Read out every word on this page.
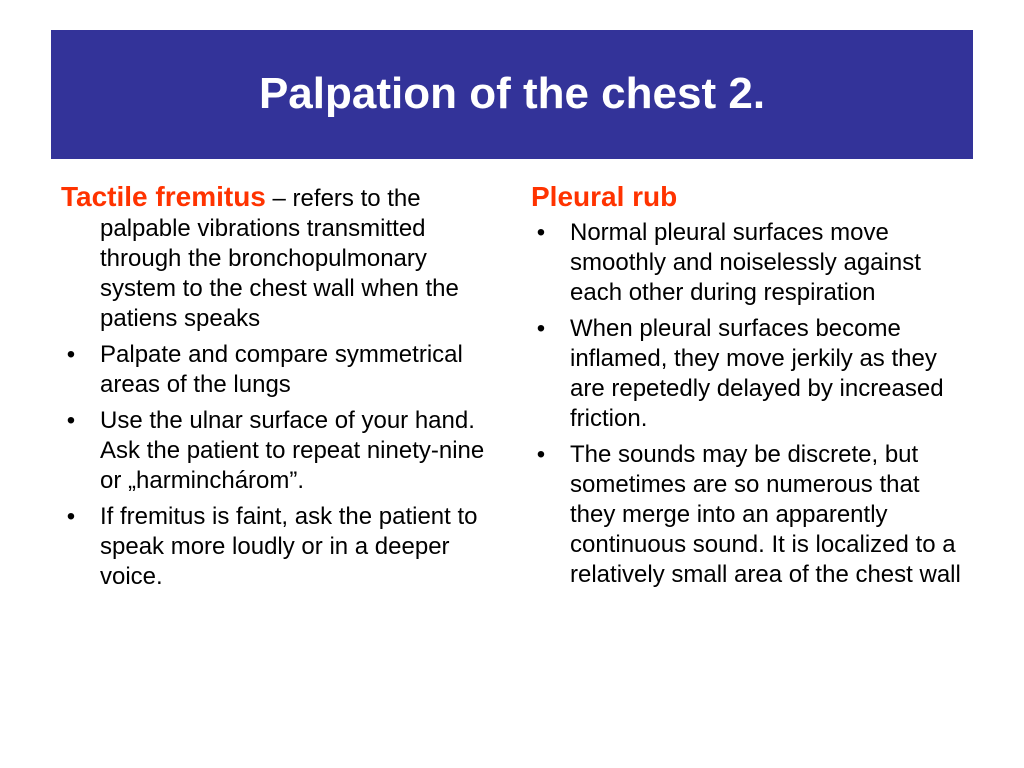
Palpation of the chest 2.

Tactile fremitus – refers to the palpable vibrations transmitted through the bronchopulmonary system to the chest wall when the patiens speaks

• Palpate and compare symmetrical areas of the lungs
• Use the ulnar surface of your hand. Ask the patient to repeat ninety-nine or „harminchárom”.
• If fremitus is faint, ask the patient to speak more loudly or in a deeper voice.

Pleural rub

• Normal pleural surfaces move smoothly and noiselessly against each other during respiration
• When pleural surfaces become inflamed, they move jerkily as they are repetedly delayed by increased friction.
• The sounds may be discrete, but sometimes are so numerous that they merge into an apparently continuous sound. It is localized to a relatively small area of the chest wall
